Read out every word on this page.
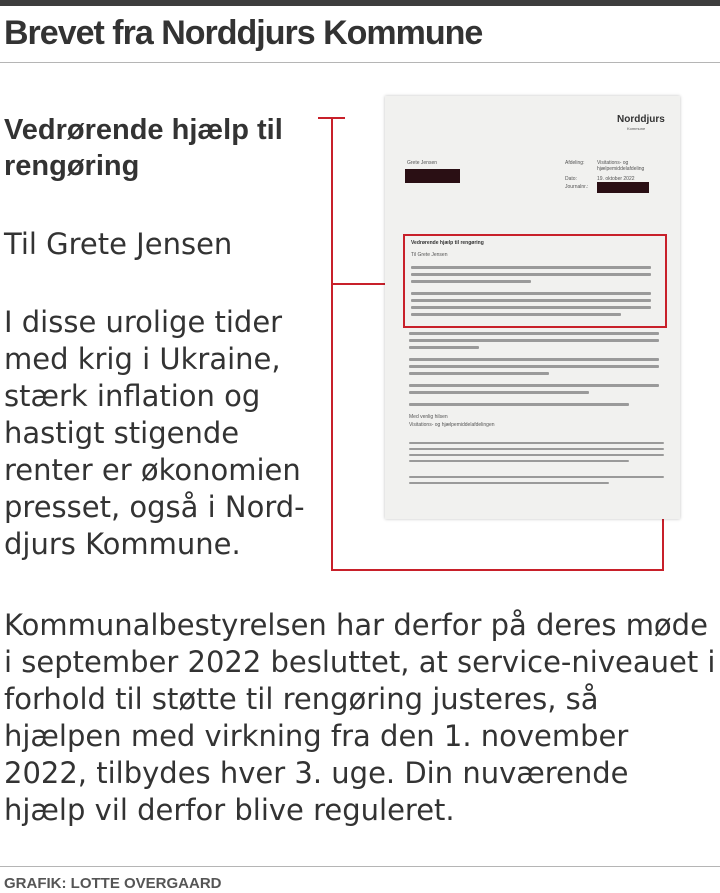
Brevet fra Norddjurs Kommune
Vedrørende hjælp til rengøring

Til Grete Jensen

I disse urolige tider med krig i Ukraine, stærk inflation og hastigt stigende renter er økonomien presset, også i Nord-djurs Kommune.

Kommunalbestyrelsen har derfor på deres møde i september 2022 besluttet, at service-niveauet i forhold til støtte til rengøring justeres, så hjælpen med virkning fra den 1. november 2022, tilbydes hver 3. uge. Din nuværende hjælp vil derfor blive reguleret.

Norddjurs
Kommune
Grete Jensen	Afdeling:	Visitations- og hjælpemiddelafdeling
Dato:	19. oktober 2022
Journalnr.:
Vedrørende hjælp til rengøring
Til Grete Jensen
Med venlig hilsen
Visitations- og hjælpemiddelafdelingen

GRAFIK: LOTTE OVERGAARD
